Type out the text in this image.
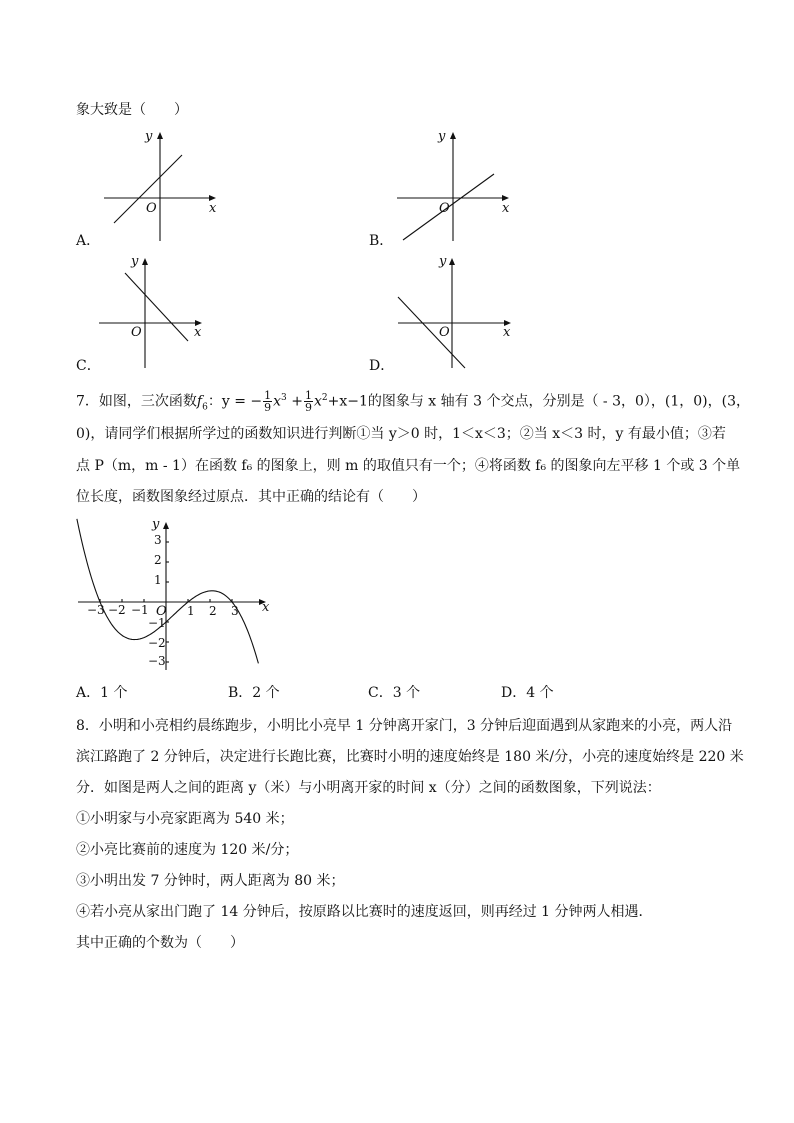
象大致是（　　）
O	x
y
A．
O	x
y
B．
O	x
y
C．
O	x
y
D．
7．如图，三次函数$f_6$：y = − $\frac{1}{9} x^3 + \frac{1}{9} x^2+x-1$的图象与 x 轴有 3 个交点，分别是（ - 3，0），(1，0)，(3，
0)，请同学们根据所学过的函数知识进行判断①当 y＞0 时，1＜x＜3；②当 x＜3 时，y 有最小值；③若
点 P（m，m - 1）在函数 f₆ 的图象上，则 m 的取值只有一个；④将函数 f₆ 的图象向左平移 1 个或 3 个单
位长度，函数图象经过原点．其中正确的结论有（　　）
O	x
y
−3 −2 −1	1 2 3
3
2
1
−1
−2
−3
A．1 个	B．2 个	C．3 个	D．4 个
8．小明和小亮相约晨练跑步，小明比小亮早 1 分钟离开家门，3 分钟后迎面遇到从家跑来的小亮，两人沿
滨江路跑了 2 分钟后，决定进行长跑比赛，比赛时小明的速度始终是 180 米/分，小亮的速度始终是 220 米
分．如图是两人之间的距离 y（米）与小明离开家的时间 x（分）之间的函数图象，下列说法：
①小明家与小亮家距离为 540 米；
②小亮比赛前的速度为 120 米/分；
③小明出发 7 分钟时，两人距离为 80 米；
④若小亮从家出门跑了 14 分钟后，按原路以比赛时的速度返回，则再经过 1 分钟两人相遇．
其中正确的个数为（　　）
